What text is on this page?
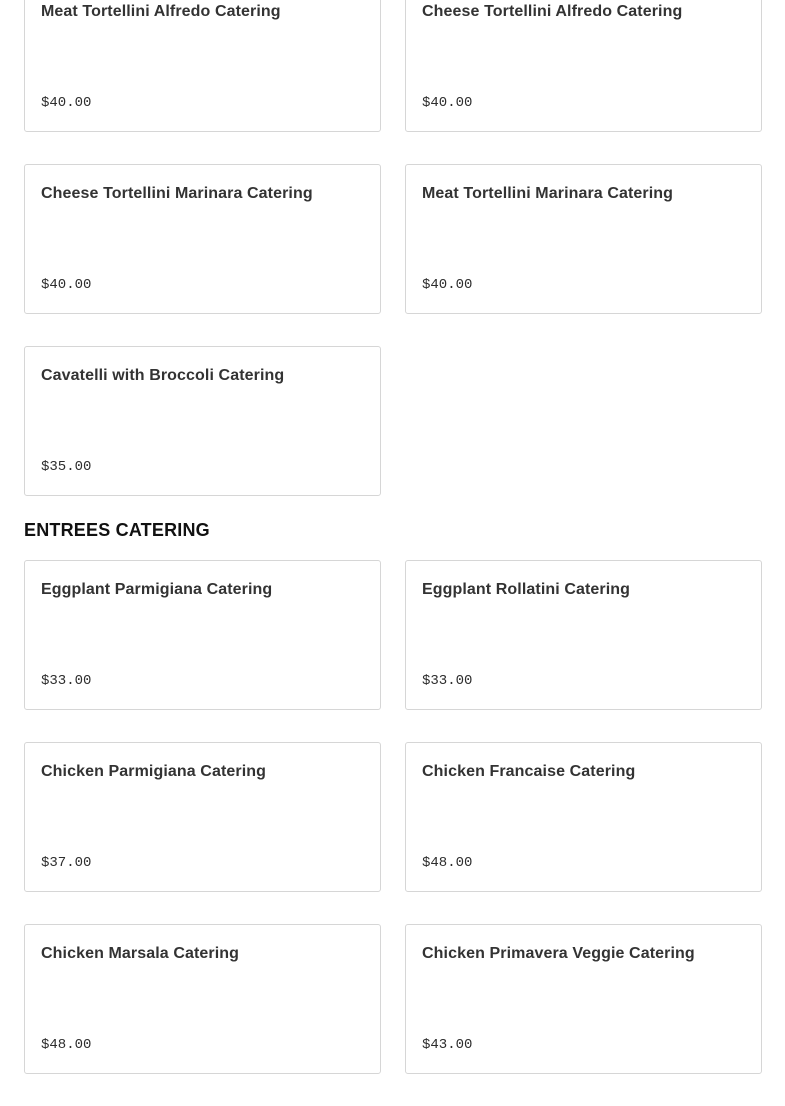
Meat Tortellini Alfredo Catering
$40.00
Cheese Tortellini Alfredo Catering
$40.00
Cheese Tortellini Marinara Catering
$40.00
Meat Tortellini Marinara Catering
$40.00
Cavatelli with Broccoli Catering
$35.00
ENTREES CATERING
Eggplant Parmigiana Catering
$33.00
Eggplant Rollatini Catering
$33.00
Chicken Parmigiana Catering
$37.00
Chicken Francaise Catering
$48.00
Chicken Marsala Catering
$48.00
Chicken Primavera Veggie Catering
$43.00
